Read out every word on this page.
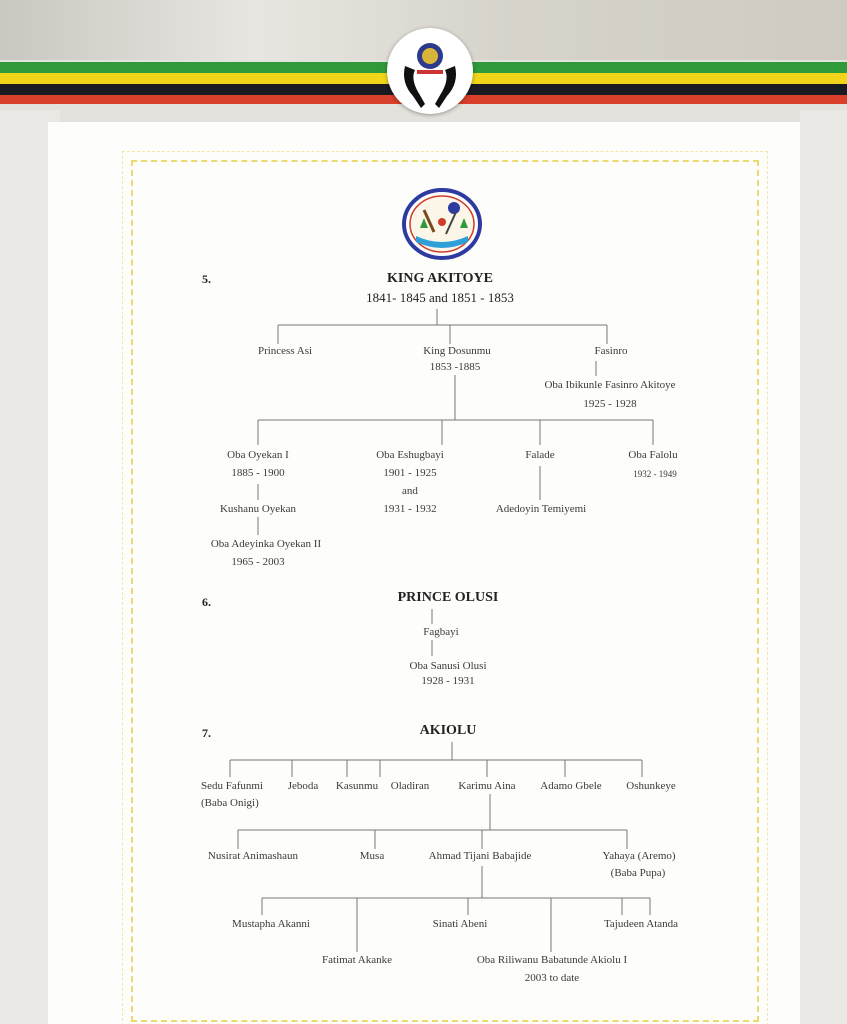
5.	KING AKITOYE
1841- 1845 and 1851 - 1853
Princess Asi	King Dosunmu
1853 -1885
Fasinro
Oba Ibikunle Fasinro Akitoye
1925 - 1928
Oba Oyekan I
1885 - 1900
Kushanu Oyekan
Oba Adeyinka Oyekan II
1965 - 2003
Oba Eshugbayi
1901 - 1925
and
1931 - 1932
Falade
Adedoyin Temiyemi
Oba Falolu
1932 - 1949
6.	PRINCE OLUSI
Fagbayi
Oba Sanusi Olusi
1928 - 1931
7.	AKIOLU
Sedu Fafunmi
(Baba Onigi)
Jeboda Kasunmu Oladiran	Karimu Aina Adamo Gbele Oshunkeye
Nusirat Animashaun	Musa	Ahmad Tijani Babajide	Yahaya (Aremo)
(Baba Pupa)
Mustapha Akanni
Fatimat Akanke
Sinati Abeni
Oba Riliwanu Babatunde Akiolu I
2003 to date
Tajudeen Atanda
